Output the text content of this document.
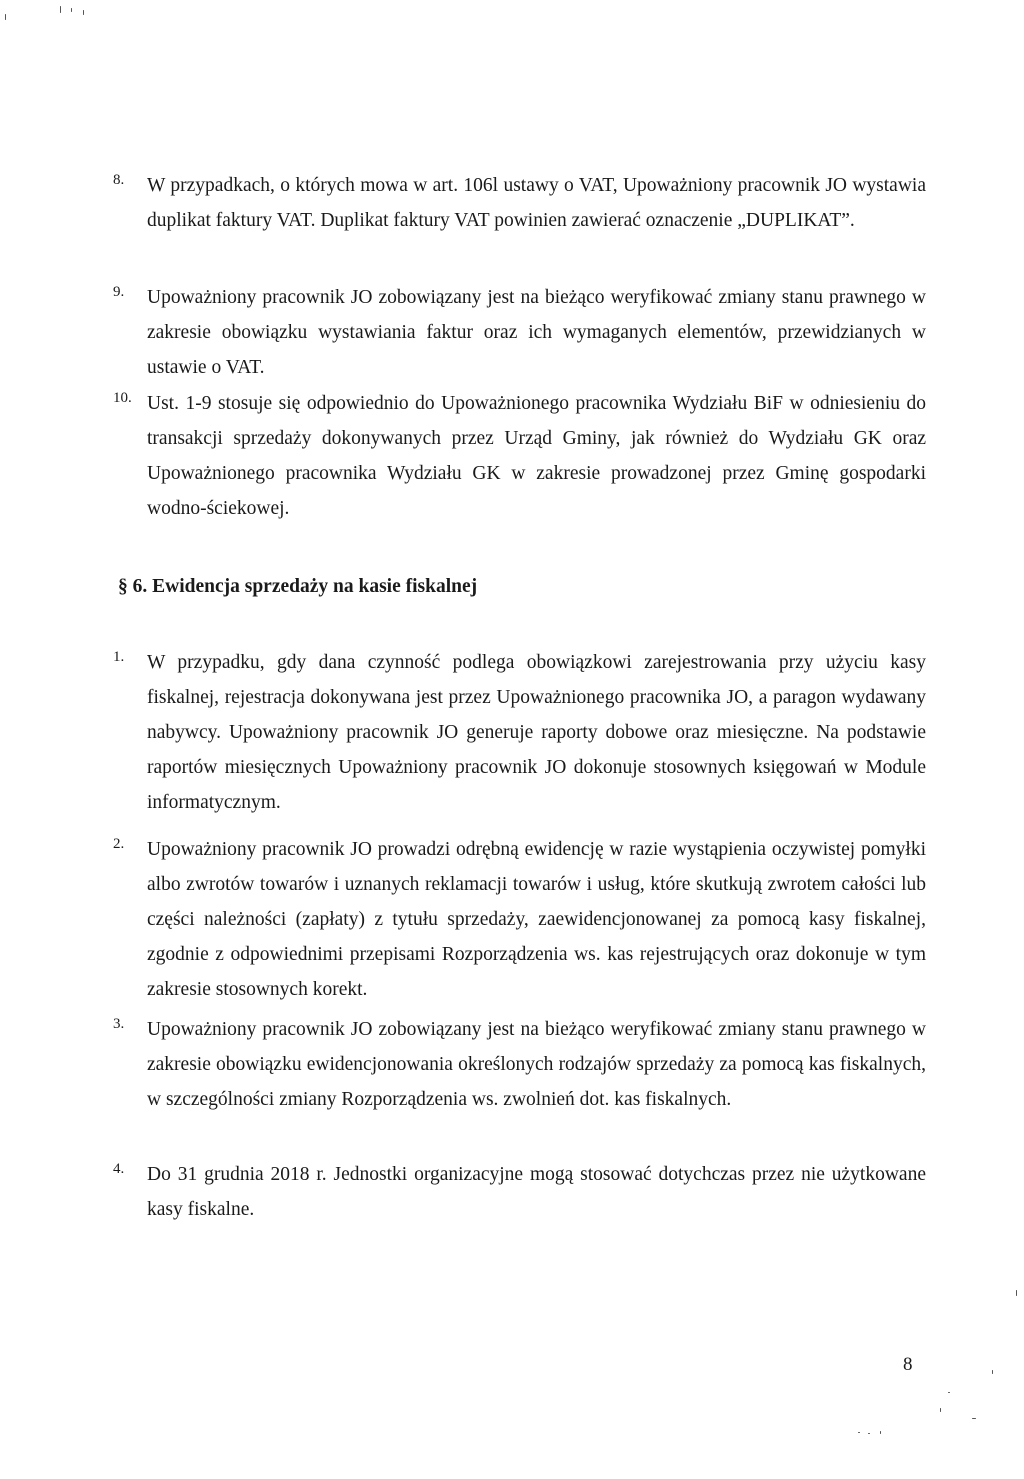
8.	W przypadkach, o których mowa w art. 106l ustawy o VAT, Upoważniony pracownik JO wystawia duplikat faktury VAT. Duplikat faktury VAT powinien zawierać oznaczenie „DUPLIKAT”.
9.	Upoważniony pracownik JO zobowiązany jest na bieżąco weryfikować zmiany stanu prawnego w zakresie obowiązku wystawiania faktur oraz ich wymaganych elementów, przewidzianych w ustawie o VAT.
10. Ust. 1-9 stosuje się odpowiednio do Upoważnionego pracownika Wydziału BiF w odniesieniu do transakcji sprzedaży dokonywanych przez Urząd Gminy, jak również do Wydziału GK oraz Upoważnionego pracownika Wydziału GK w zakresie prowadzonej przez Gminę gospodarki wodno-ściekowej.
§ 6. Ewidencja sprzedaży na kasie fiskalnej
1.	W przypadku, gdy dana czynność podlega obowiązkowi zarejestrowania przy użyciu kasy fiskalnej, rejestracja dokonywana jest przez Upoważnionego pracownika JO, a paragon wydawany nabywcy. Upoważniony pracownik JO generuje raporty dobowe oraz miesięczne. Na podstawie raportów miesięcznych Upoważniony pracownik JO dokonuje stosownych księgowań w Module informatycznym.
2.	Upoważniony pracownik JO prowadzi odrębną ewidencję w razie wystąpienia oczywistej pomyłki albo zwrotów towarów i uznanych reklamacji towarów i usług, które skutkują zwrotem całości lub części należności (zapłaty) z tytułu sprzedaży, zaewidencjonowanej za pomocą kasy fiskalnej, zgodnie z odpowiednimi przepisami Rozporządzenia ws. kas rejestrujących oraz dokonuje w tym zakresie stosownych korekt.
3.	Upoważniony pracownik JO zobowiązany jest na bieżąco weryfikować zmiany stanu prawnego w zakresie obowiązku ewidencjonowania określonych rodzajów sprzedaży za pomocą kas fiskalnych, w szczególności zmiany Rozporządzenia ws. zwolnień dot. kas fiskalnych.
4.	Do 31 grudnia 2018 r. Jednostki organizacyjne mogą stosować dotychczas przez nie użytkowane kasy fiskalne.
8
